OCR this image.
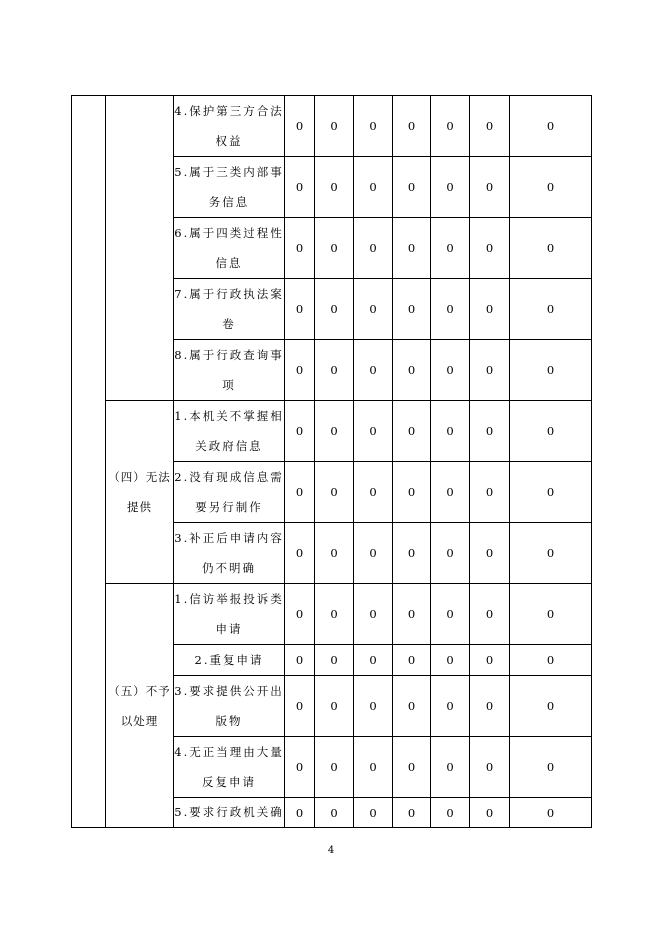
		4.保护第三方合法权益	0	0	0	0	0	0	0
		5.属于三类内部事务信息	0	0	0	0	0	0	0
		6.属于四类过程性信息	0	0	0	0	0	0	0
		7.属于行政执法案卷	0	0	0	0	0	0	0
		8.属于行政查询事项	0	0	0	0	0	0	0
	（四）无法提供	1.本机关不掌握相关政府信息	0	0	0	0	0	0	0
		2.没有现成信息需要另行制作	0	0	0	0	0	0	0
		3.补正后申请内容仍不明确	0	0	0	0	0	0	0
	（五）不予以处理	1.信访举报投诉类申请	0	0	0	0	0	0	0
		2.重复申请	0	0	0	0	0	0	0
		3.要求提供公开出版物	0	0	0	0	0	0	0
		4.无正当理由大量反复申请	0	0	0	0	0	0	0
		5.要求行政机关确	0	0	0	0	0	0	0
4
